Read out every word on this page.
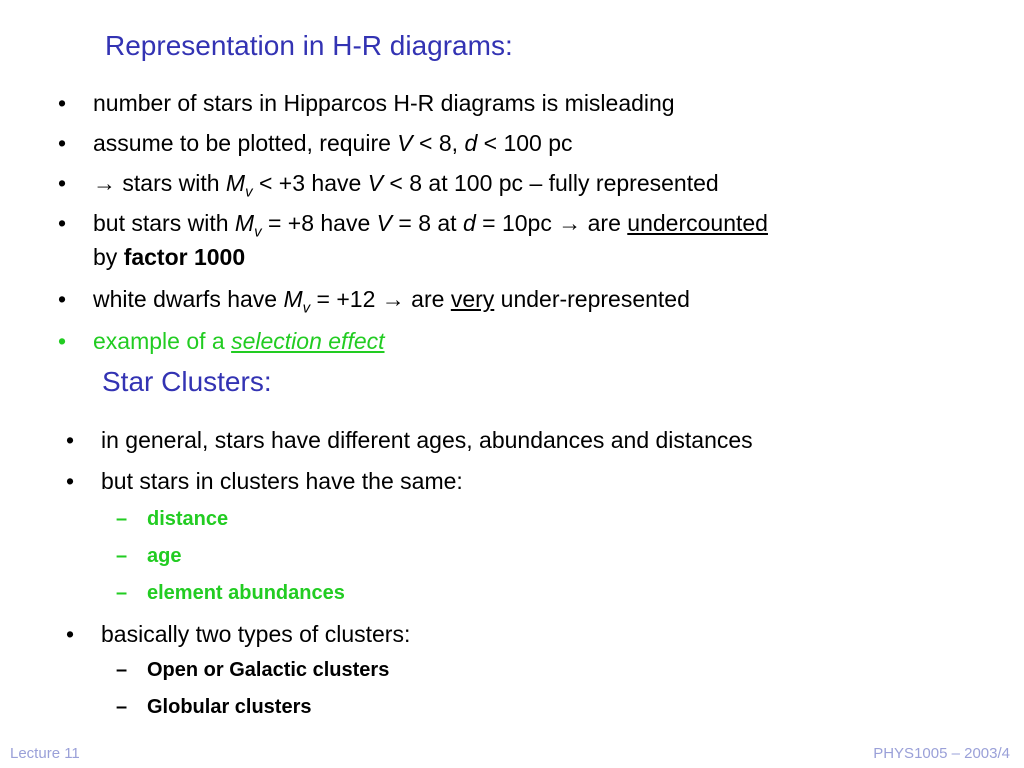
Representation in H-R diagrams:
• number of stars in Hipparcos H-R diagrams is misleading
• assume to be plotted, require V < 8, d < 100 pc
• → stars with $M_v < +3$ have V < 8 at 100 pc – fully represented
• but stars with $M_v = +8$ have V = 8 at d = 10pc → are undercounted
by factor 1000
• white dwarfs have $M_v = +12$ → are very under-represented
• example of a selection effect
Star Clusters:
• in general, stars have different ages, abundances and distances
• but stars in clusters have the same:
– distance
– age
– element abundances
• basically two types of clusters:
– Open or Galactic clusters
– Globular clusters
Lecture 11	PHYS1005 – 2003/4
